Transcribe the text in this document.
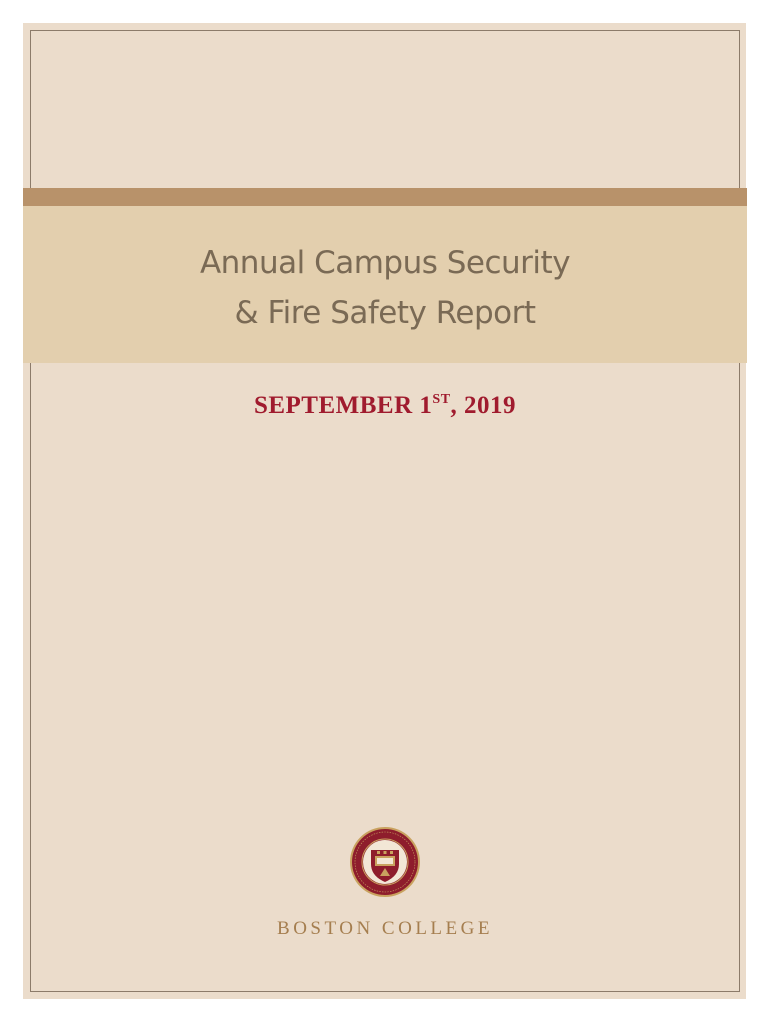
Annual Campus Security
& Fire Safety Report
SEPTEMBER 1ST, 2019
BOSTON COLLEGE
